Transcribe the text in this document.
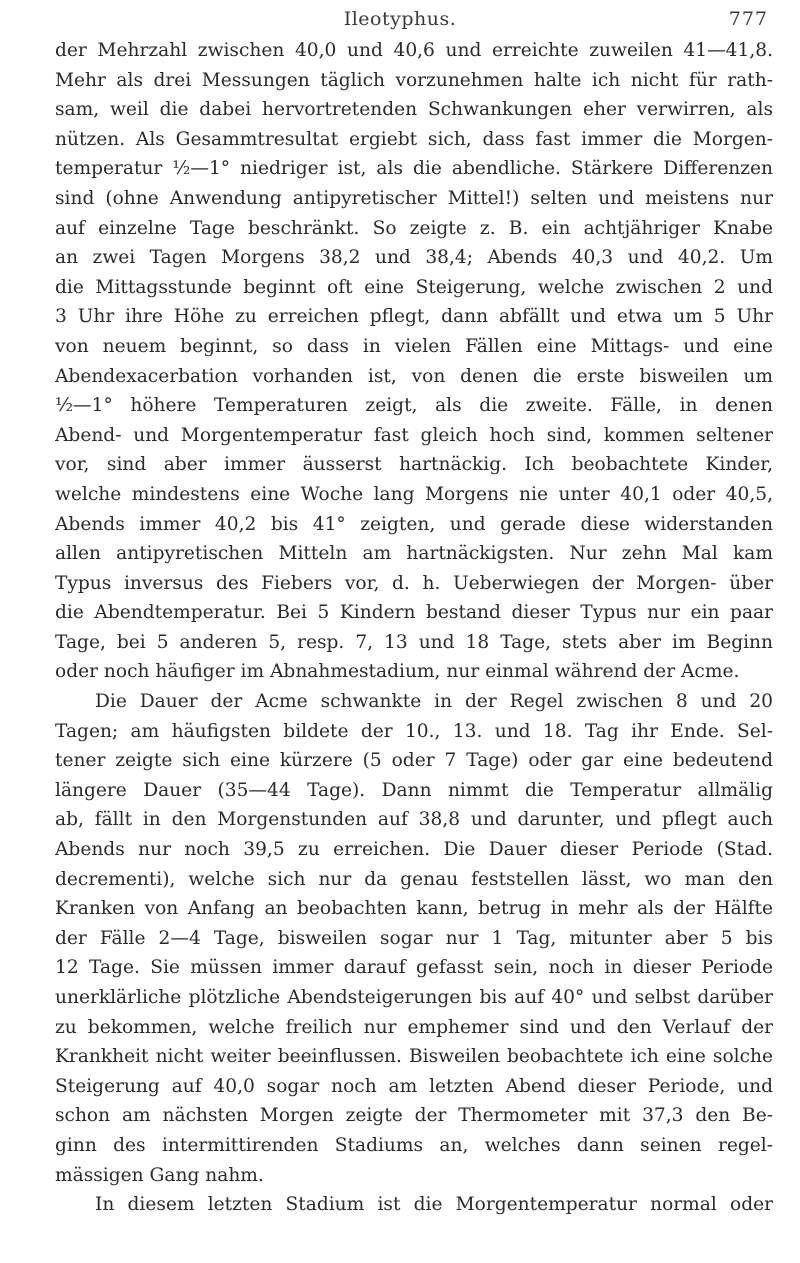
Ileotyphus.	777
der Mehrzahl zwischen 40,0 und 40,6 und erreichte zuweilen 41—41,8.
Mehr als drei Messungen täglich vorzunehmen halte ich nicht für rath-
sam, weil die dabei hervortretenden Schwankungen eher verwirren, als
nützen. Als Gesammtresultat ergiebt sich, dass fast immer die Morgen-
temperatur ½—1° niedriger ist, als die abendliche. Stärkere Differenzen
sind (ohne Anwendung antipyretischer Mittel!) selten und meistens nur
auf einzelne Tage beschränkt. So zeigte z. B. ein achtjähriger Knabe
an zwei Tagen Morgens 38,2 und 38,4; Abends 40,3 und 40,2. Um
die Mittagsstunde beginnt oft eine Steigerung, welche zwischen 2 und
3 Uhr ihre Höhe zu erreichen pflegt, dann abfällt und etwa um 5 Uhr
von neuem beginnt, so dass in vielen Fällen eine Mittags- und eine
Abendexacerbation vorhanden ist, von denen die erste bisweilen um
½—1° höhere Temperaturen zeigt, als die zweite. Fälle, in denen
Abend- und Morgentemperatur fast gleich hoch sind, kommen seltener
vor, sind aber immer äusserst hartnäckig. Ich beobachtete Kinder,
welche mindestens eine Woche lang Morgens nie unter 40,1 oder 40,5,
Abends immer 40,2 bis 41° zeigten, und gerade diese widerstanden
allen antipyretischen Mitteln am hartnäckigsten. Nur zehn Mal kam
Typus inversus des Fiebers vor, d. h. Ueberwiegen der Morgen- über
die Abendtemperatur. Bei 5 Kindern bestand dieser Typus nur ein paar
Tage, bei 5 anderen 5, resp. 7, 13 und 18 Tage, stets aber im Beginn
oder noch häufiger im Abnahmestadium, nur einmal während der Acme.
Die Dauer der Acme schwankte in der Regel zwischen 8 und 20
Tagen; am häufigsten bildete der 10., 13. und 18. Tag ihr Ende. Sel-
tener zeigte sich eine kürzere (5 oder 7 Tage) oder gar eine bedeutend
längere Dauer (35—44 Tage). Dann nimmt die Temperatur allmälig
ab, fällt in den Morgenstunden auf 38,8 und darunter, und pflegt auch
Abends nur noch 39,5 zu erreichen. Die Dauer dieser Periode (Stad.
decrementi), welche sich nur da genau feststellen lässt, wo man den
Kranken von Anfang an beobachten kann, betrug in mehr als der Hälfte
der Fälle 2—4 Tage, bisweilen sogar nur 1 Tag, mitunter aber 5 bis
12 Tage. Sie müssen immer darauf gefasst sein, noch in dieser Periode
unerklärliche plötzliche Abendsteigerungen bis auf 40° und selbst darüber
zu bekommen, welche freilich nur emphemer sind und den Verlauf der
Krankheit nicht weiter beeinflussen. Bisweilen beobachtete ich eine solche
Steigerung auf 40,0 sogar noch am letzten Abend dieser Periode, und
schon am nächsten Morgen zeigte der Thermometer mit 37,3 den Be-
ginn des intermittirenden Stadiums an, welches dann seinen regel-
mässigen Gang nahm.
In diesem letzten Stadium ist die Morgentemperatur normal oder
